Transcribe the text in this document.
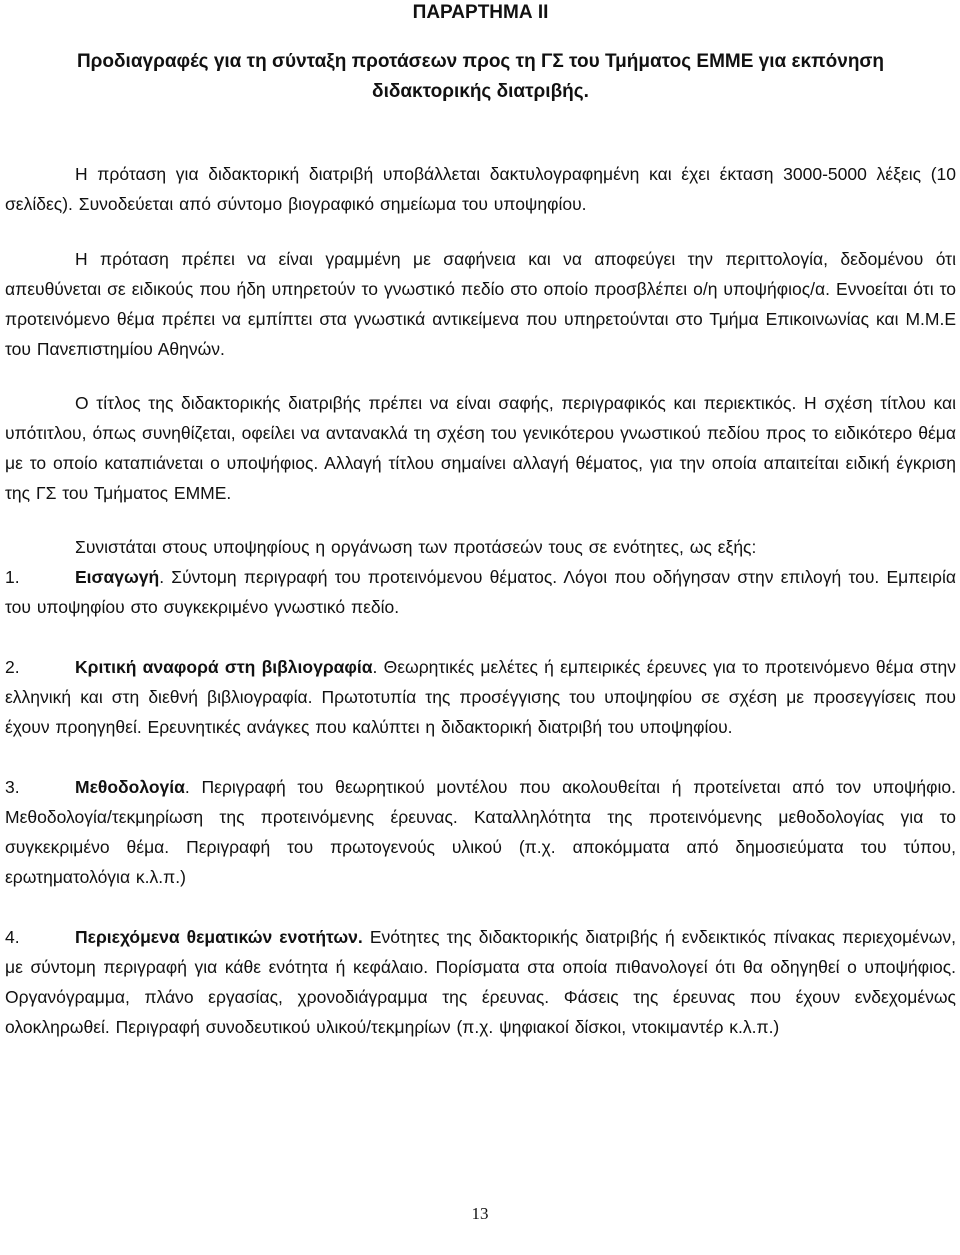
ΠΑΡΑΡΤΗΜΑ ΙΙ
Προδιαγραφές για τη σύνταξη προτάσεων προς τη ΓΣ του Τμήματος ΕΜΜΕ για εκπόνηση
διδακτορικής διατριβής.

Η πρόταση για διδακτορική διατριβή υποβάλλεται δακτυλογραφημένη και έχει έκταση 3000-5000 λέξεις (10 σελίδες). Συνοδεύεται από σύντομο βιογραφικό σημείωμα του υποψηφίου.

Η πρόταση πρέπει να είναι γραμμένη με σαφήνεια και να αποφεύγει την περιττολογία, δεδομένου ότι απευθύνεται σε ειδικούς που ήδη υπηρετούν το γνωστικό πεδίο στο οποίο προσβλέπει ο/η υποψήφιος/α. Εννοείται ότι το προτεινόμενο θέμα πρέπει να εμπίπτει στα γνωστικά αντικείμενα που υπηρετούνται στο Τμήμα Επικοινωνίας και Μ.Μ.Ε του Πανεπιστημίου Αθηνών.

Ο τίτλος της διδακτορικής διατριβής πρέπει να είναι σαφής, περιγραφικός και περιεκτικός. Η σχέση τίτλου και υπότιτλου, όπως συνηθίζεται, οφείλει να αντανακλά τη σχέση του γενικότερου γνωστικού πεδίου προς το ειδικότερο θέμα με το οποίο καταπιάνεται ο υποψήφιος. Αλλαγή τίτλου σημαίνει αλλαγή θέματος, για την οποία απαιτείται ειδική έγκριση της ΓΣ του Τμήματος ΕΜΜΕ.

Συνιστάται στους υποψηφίους η οργάνωση των προτάσεών τους σε ενότητες, ως εξής:

1.	Εισαγωγή. Σύντομη περιγραφή του προτεινόμενου θέματος. Λόγοι που οδήγησαν στην επιλογή του. Εμπειρία του υποψηφίου στο συγκεκριμένο γνωστικό πεδίο.

2.	Κριτική αναφορά στη βιβλιογραφία. Θεωρητικές μελέτες ή εμπειρικές έρευνες για το προτεινόμενο θέμα στην ελληνική και στη διεθνή βιβλιογραφία. Πρωτοτυπία της προσέγγισης του υποψηφίου σε σχέση με προσεγγίσεις που έχουν προηγηθεί. Ερευνητικές ανάγκες που καλύπτει η διδακτορική διατριβή του υποψηφίου.

3.	Μεθοδολογία. Περιγραφή του θεωρητικού μοντέλου που ακολουθείται ή προτείνεται από τον υποψήφιο. Μεθοδολογία/τεκμηρίωση της προτεινόμενης έρευνας. Καταλληλότητα της προτεινόμενης μεθοδολογίας για το συγκεκριμένο θέμα. Περιγραφή του πρωτογενούς υλικού (π.χ. αποκόμματα από δημοσιεύματα του τύπου, ερωτηματολόγια κ.λ.π.)

4.	Περιεχόμενα θεματικών ενοτήτων. Ενότητες της διδακτορικής διατριβής ή ενδεικτικός πίνακας περιεχομένων, με σύντομη περιγραφή για κάθε ενότητα ή κεφάλαιο. Πορίσματα στα οποία πιθανολογεί ότι θα οδηγηθεί ο υποψήφιος. Οργανόγραμμα, πλάνο εργασίας, χρονοδιάγραμμα της έρευνας. Φάσεις της έρευνας που έχουν ενδεχομένως ολοκληρωθεί. Περιγραφή συνοδευτικού υλικού/τεκμηρίων (π.χ. ψηφιακοί δίσκοι, ντοκιμαντέρ κ.λ.π.)

13
